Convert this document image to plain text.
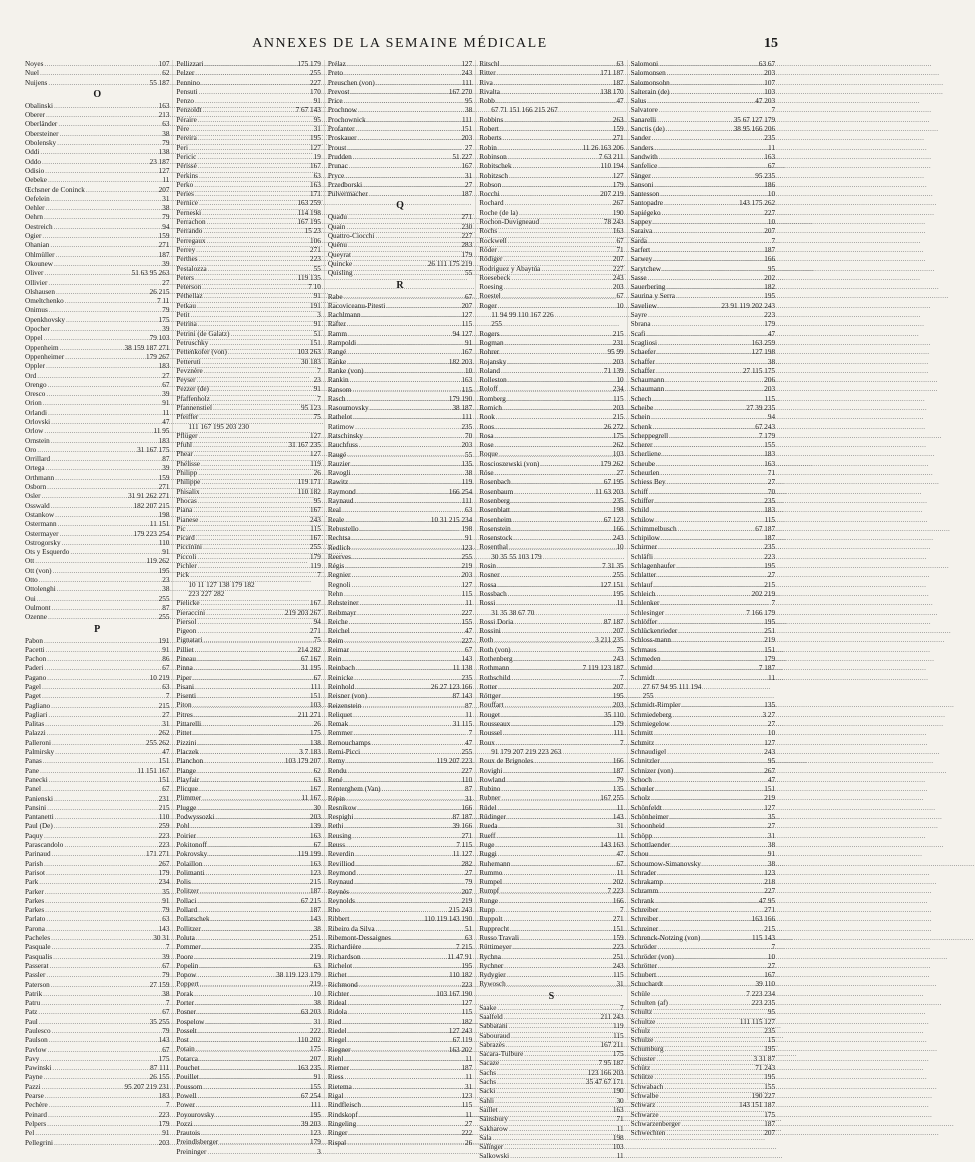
ANNEXES DE LA SEMAINE MÉDICALE	15
Noyes
.....	107
Nuel
.....	62
Nuijens
.....	55 187
O
Obalinski
.....	163
Oberer
.....	213
Oberländer
.....	63
Obersteiner
.....	38
Obolensky
.....	79
Oddi
.....	138
Oddo
.....	23 187
Odisio
.....	127
Oebeke
.....	11
Œchsner de Coninck
.....	207
Oefelein
.....	31
Oehler
.....	38
Oehrn
.....	79
Oestreich
.....	94
Ogier
.....	159
Ohanian
.....	271
Ohlmüller
.....	187
Okounew
.....	39
Oliver
.....	51 63 95 263
Ollivier
.....	27
Olshausen
.....	26 215
Omeltchenko
.....	7 11
Onimus
.....	79
Openkhovsky
.....	175
Opocher
.....	39
Oppel
.....	79 103
Oppenheim
.....	38 159 187 271
Oppenheimer
.....	179 267
Oppler
.....	183
Ord
.....	27
Orengo
.....	67
Oresco
.....	39
Orion
.....	91
Orlandi
.....	11
Orlovski
.....	47
Orlow
.....	11 95
Ornstein
.....	183
Oro
.....	31 167 175
Orrillard
.....	87
Ortega
.....	39
Orthmann
.....	159
Osborn
.....	271
Osler
.....	31 91 262 271
Osswald
.....	182 207 215
Ostankow
.....	198
Ostermann
.....	11 151
Ostermayer
.....	179 223 254
Ostrogorsky
.....	110
Ots y Esquerdo
.....	91
Ott
.....	119 262
Ott (von)
.....	195
Otto
.....	23
Ottolenghi
.....	38
Oui
.....	255
Oulmont
.....	87
Ozenne
.....	255
P
Pabon
.....	191
Pacetti
.....	91
Pachon
.....	86
Paderi
.....	67
Pagano
.....	10 219
Pagel
.....	63
Paget
.....	7
Pagliano
.....	215
Pagliari
.....	27
Palitas
.....	31
Palazzi
.....	262
Palleroni
.....	255 262
Palmirsky
.....	47
Panas
.....	151
Pane
.....	11 151 167
Panecki
.....	151
Panel
.....	67
Panienski
.....	231
Pansini
.....	215
Pantanetti
.....	110
Paul (De)
.....	259
Paquy
.....	223
Parascandolo
.....	223
Parinaud
.....	171 271
Parish
.....	267
Parisot
.....	179
Park
.....	234
Parker
.....	35
Parkes
.....	91
Parkes
.....	79
Parlato
.....	63
Parona
.....	143
Pacheles
.....	30 31
Pasquale
.....	7
Pasqualis
.....	39
Passerat
.....	67
Passler
.....	79
Paterson
.....	27 159
Patrik
.....	38
Patru
.....	7
Patz
.....	67
Paul
.....	35 255
Paulesco
.....	79
Paulson
.....	143
Pavlow
.....	67
Pavy
.....	175
Pawinski
.....	87 111
Payne
.....	26 155
Pazzi
.....	95 207 219 231
Pearse
.....	183
Pechère
.....	7
Peinard
.....	223
Pelpers
.....	179
Pel
.....	91
Pellegrini
.....	203
Pellizzari
.....	175 179
Pelzer
.....	255
Pennino
.....	227
Pensuti
.....	170
Penzo
.....	91
Penzoldt
.....	7 67 143
Péraire
.....	95
Père
.....	31
Pereira
.....	195
Peri
.....	127
Pericic
.....	19
Périssé
.....	167
Perkins
.....	63
Perko
.....	163
Peries
.....	171
Pernice
.....	163 259
Perneski
.....	114 198
Perrachon
.....	167 195
Perrando
.....	15 23
Perregaux
.....	106
Perrey
.....	271
Perthes
.....	223
Pestalozza
.....	55
Peters
.....	119 135
Peterson
.....	7 10
Péthellaz
.....	91
Petkau
.....	191
Petit
.....	3
Petrina
.....	91
Petrini (de Galatz)
.....	51
Petruschky
.....	151
Pettenkofer (von)
.....	103 263
Petteruti
.....	30 183
Pevznère
.....	7
Peyser
.....	23
Pezzer (de)
.....	91
Pfaffenholz
.....	7
Pfannenstiel
.....	95 123
Pfeiffer
.....	75
111 167 195 203 230
Pflüger
.....	127
Pfuhl
.....	31 167 235
Phear
.....	127
Phélisse
.....	119
Philipp
.....	26
Philippe
.....	119 171
Phisalix
.....	110 182
Phocas
.....	95
Piana
.....	167
Pianese
.....	243
Pic
.....	115
Picard
.....	167
Piccinini
.....	255
Piccoli
.....	179
Pichler
.....	119
Pick
.....	7
10 11 127 138 179 182
223 227 282
Pielicke
.....	167
Pieraccini
.....	219 203 267
Piersol
.....	94
Pigeon
.....	271
Pignatari
.....	75
Pilliet
.....	214 282
Pineau
.....	67 167
Pinna
.....	31 195
Piper
.....	67
Pisani
.....	111
Pisenti
.....	151
Piton
.....	103
Pitres
.....	211 271
Pittarelli
.....	26
Pittet
.....	175
Pizzini
.....	138
Placzek
.....	3 7 183
Planchon
.....	103 179 207
Plange
.....	62
Playfair
.....	63
Plicque
.....	167
Plimmer
.....	11 167
Plugge
.....	30
Podwyssozki
.....	203
Pohl
.....	139
Poirier
.....	163
Pokitonoff
.....	67
Pokrovsky
.....	119 199
Polaillon
.....	163
Polimanti
.....	123
Polis
.....	215
Politzer
.....	187
Pollaci
.....	67 215
Pollard
.....	187
Pollatschek
.....	143
Pollitzer
.....	38
Poluta
.....	251
Pommer
.....	235
Poore
.....	219
Popelin
.....	63
Popow
.....	38 119 123 179
Poppert
.....	219
Porak
.....	10
Porter
.....	38
Posner
.....	63 203
Pospelow
.....	31
Posselt
.....	222
Post
.....	110 202
Potain
.....	175
Potarca
.....	207
Pouchet
.....	163 235
Pouillet
.....	91
Poussom
.....	155
Powell
.....	67 254
Power
.....	111
Poyourovsky
.....	195
Pozzi
.....	39 203
Prautois
.....	123
Preindlsberger
.....	179
Preininger
.....	3
Prélaz
.....	127
Preto
.....	243
Preuschen (von)
.....	111
Prevost
.....	167 270
Price
.....	95
Prochnow
.....	38
Prochownick
.....	111
Profanter
.....	151
Proskauer
.....	203
Proust
.....	27
Prudden
.....	51 227
Prunac
.....	167
Pryce
.....	31
Przedborski
.....	27
Pulvermacher
.....	187
Q
Quadu
.....	271
Quain
.....	230
Quattro-Ciocchi
.....	227
Quénu
.....	283
Queyrat
.....	179
Quincke
.....	26 111 175 219
Quisling
.....	55
R
Rabe
.....	67
Racoviceanu-Pitesti
.....	207
Rachlmann
.....	127
Rafter
.....	115
Ramm
.....	94 127
Rampoldi
.....	91
Rangé
.....	167
Ranke
.....	182 203
Ranke (von)
.....	10
Rankin
.....	163
Ransom
.....	115
Rasch
.....	179 190
Rasoumovsky
.....	38 187
Rathelot
.....	111
Ratimow
.....	235
Ratschinsky
.....	70
Rauchfuss
.....	203
Raugé
.....	55
Rauzier
.....	135
Ravogli
.....	38
Rawitz
.....	119
Raymond
.....	166 254
Raynaud
.....	111
Real
.....	63
Reale
.....	10 31 215 234
Rebustello
.....	198
Rechtsa
.....	91
Redlich
.....	123
Reerves
.....	255
Régis
.....	219
Regnier
.....	203
Regnoli
.....	127
Rehn
.....	115
Rehsteiner
.....	11
Reibmayr
.....	227
Reiche
.....	155
Reichel
.....	47
Reim
.....	227
Reimar
.....	67
Rein
.....	143
Reinbach
.....	11 138
Reinicke
.....	235
Reinhold
.....	26 27 123 166
Reisner (von)
.....	87 143
Reizenstein
.....	87
Reliquet
.....	11
Remak
.....	31 115
Remmer
.....	7
Remouchamps
.....	47
Remi-Picci
.....	255
Remy
.....	119 207 223
Rendu
.....	227
René
.....	110
Renterghem (Van)
.....	87
Répin
.....	31
Resnikow
.....	166
Respighi
.....	87 187
Rethi
.....	39 166
Reusing
.....	271
Reuss
.....	7 115
Reverdin
.....	11 127
Revilliod
.....	282
Reymond
.....	27
Reynaud
.....	79
Reynès
.....	207
Reynolds
.....	219
Rho
.....	215 243
Ribbert
.....	110 119 143 190
Ribeiro da Silva
.....	51
Ribemont-Dessaignes
.....	63
Richardière
.....	7 215
Richardson
.....	11 47 91
Richelot
.....	195
Richet
.....	110 182
Richmond
.....	223
Richter
.....	103 167 190
Rideal
.....	127
Ridola
.....	115
Ried
.....	182
Riedel
.....	127 243
Riegel
.....	67 119
Riegner
.....	163 202
Riehl
.....	11
Riemer
.....	187
Riess
.....	11
Rietema
.....	31
Rigal
.....	123
Rindfleisch
.....	115
Rindskopf
.....	11
Ringeling
.....	27
Ringer
.....	222
Rispal
.....	26
Ritschl
.....	63
Ritter
.....	171 187
Riva
.....	187
Rivalta
.....	138 170
Robb
.....	47
67 71 151 166 215 267
Robbins
.....	263
Robert
.....	159
Roberts
.....	271
Robin
.....	11 26 163 206
Robinson
.....	7 63 211
Robitschek
.....	110 194
Robitzsch
.....	127
Robson
.....	179
Rocchi
.....	207 219
Rochard
.....	267
Roche (de la)
.....	190
Rochon-Duvigneaud
.....	78 243
Rochs
.....	163
Rockwell
.....	67
Röder
.....	71
Rödiger
.....	207
Rodriguez y Abaytúa
.....	227
Roesebeck
.....	243
Roesing
.....	203
Roestel
.....	67
Roger
.....	10
11 94 99 110 167 226
255
Rogers
.....	215
Rogman
.....	231
Rohrer
.....	95 99
Rojansky
.....	203
Roland
.....	71 139
Rolleston
.....	10
Roloff
.....	234
Romberg
.....	115
Romich
.....	203
Rook
.....	215
Roos
.....	26 272
Rosa
.....	175
Rose
.....	262
Roque
.....	103
Roscioszewski (von)
.....	179 262
Röse
.....	27
Rosenbach
.....	67 195
Rosenbaum
.....	11 63 203
Rosenberg
.....	235
Rosenblatt
.....	198
Rosenheim
.....	67 123
Rosenstein
.....	166
Rosenstock
.....	243
Rosenthal
.....	10
30 35 55 103 179
Rosin
.....	7 31 35
Rosner
.....	255
Rossa
.....	127 151
Rossbach
.....	195
Rossi
.....	11
31 35 38 67 70
Rossi Doria
.....	87 187
Rossini
.....	207
Roth
.....	3 211 235
Roth (von)
.....	75
Rothenberg
.....	243
Rothmann
.....	7 119 123 187
Rothschild
.....	7
Rotter
.....	207
Röttger
.....	195
Rouffart
.....	203
Rouget
.....	35 110
Rousseaux
.....	179
Roussel
.....	111
Roux
.....	7
91 179 207 219 223 263
Roux de Brignoles
.....	166
Rovighi
.....	187
Rowland
.....	79
Rubino
.....	135
Rubner
.....	167 255
Rüdel
.....	11
Rüdinger
.....	143
Rueda
.....	31
Rueff
.....	11
Ruge
.....	143 163
Ruggi
.....	47
Ruhemann
.....	67
Rummo
.....	11
Rumpel
.....	202
Rumpf
.....	7 223
Runge
.....	166
Rupp
.....	7
Ruppolt
.....	271
Rupprecht
.....	151
Russo Travali
.....	159
Rüttimeyer
.....	223
Rychna
.....	251
Rychner
.....	243
Rydygier
.....	115
Rywosch
.....	31
S
Saake
.....	7
Saalfeld
.....	211 243
Sabbatani
.....	119
Sabouraud
.....	115
Sabrazès
.....	167 211
Sacara-Tulbure
.....	175
Sacaze
.....	7 95 187
Sachs
.....	123 166 203
Sachs
.....	35 47 67 171
Sacki
.....	190
Sahli
.....	30
Saillet
.....	163
Sainsbury
.....	71
Sakharow
.....	11
Sala
.....	198
Salinger
.....	103
Salkowski
.....	11
Salomoni
.....	63 67
Salomonsen
.....	203
Salomonsohn
.....	107
Salterain (de)
.....	103
Salus
.....	47 203
Salvatore
.....	7
Sanarelli
.....	35 67 127 179
Sanctis (de)
.....	38 95 166 206
Sander
.....	235
Sanders
.....	11
Sandwith
.....	163
Sanfelice
.....	67
Sänger
.....	95 235
Sansoni
.....	186
Santesson
.....	10
Santopadre
.....	143 175 262
Sapiégeko
.....	227
Sappey
.....	10
Saraiva
.....	207
Sarda
.....	7
Sarfert
.....	187
Sarwey
.....	166
Sarytchew
.....	95
Sasse
.....	202
Sauerbering
.....	182
Saurina y Serra
.....	195
Saveliew
.....	23 91 119 202 243
Sayre
.....	223
Sbrana
.....	179
Scafi
.....	47
Scagliosi
.....	163 259
Schaefer
.....	127 198
Schaffer
.....	38
Schaffer
.....	27 115 175
Schaumann
.....	206
Schaumann
.....	203
Schech
.....	115
Scheibe
.....	27 39 235
Schein
.....	94
Schenk
.....	67 243
Scheppegrell
.....	7 179
Scherer
.....	155
Scherliene
.....	183
Scheube
.....	163
Scheurlen
.....	71
Schiess Bey
.....	27
Schiff
.....	70
Schiffer
.....	235
Schild
.....	183
Schilow
.....	115
Schimmelbusch
.....	67 187
Schipilow
.....	187
Schirmer
.....	235
Schläfli
.....	223
Schlagenhaufer
.....	195
Schlatter
.....	27
Schlauf
.....	215
Schleich
.....	202 219
Schlenker
.....	7
Schlesinger
.....	7 166 179
Schlöffer
.....	195
Schlückenrieder
.....	251
Schloss-mann
.....	219
Schmaus
.....	151
Schmeden
.....	179
Schmid
.....	7 187
Schmidt
.....	11
27 67 94 95 111 194
255
Schmidt-Rimpler
.....	135
Schmiedeberg
.....	3 27
Schmiegelow
.....	27
Schmitt
.....	10
Schmitz
.....	127
Schnaudigel
.....	243
Schnitzler
.....	95
Schnizer (von)
.....	267
Schoch
.....	47
Schœler
.....	151
Scholz
.....	219
Schönfeldt
.....	127
Schönheimer
.....	35
Schoonheid
.....	27
Schöpp
.....	31
Schottlaender
.....	38
Schou
.....	91
Schoumow-Simanovsky
.....	38
Schrader
.....	123
Schrakamp
.....	218
Schramm
.....	227
Schrank
.....	47 95
Schreiber
.....	271
Schreiber
.....	163 166
Schreiner
.....	215
Schrenck-Notzing (von)
.....	115 143
Schröder
.....	7
Schröder (von)
.....	10
Schrötter
.....	27
Schubert
.....	167
Schuchardt
.....	39 110
Schüle
.....	7 223 234
Schulten (af)
.....	223 235
Schultz
.....	95
Schultze
.....	111 115 127
Schulz
.....	235
Schulze
.....	15
Schumburg
.....	195
Schuster
.....	3 31 87
Schütz
.....	71 243
Schütze
.....	195
Schwabach
.....	155
Schwalbe
.....	190 227
Schwarz
.....	143 151 187
Schwarze
.....	175
Schwarzenberger
.....	187
Schwechten
.....	207
